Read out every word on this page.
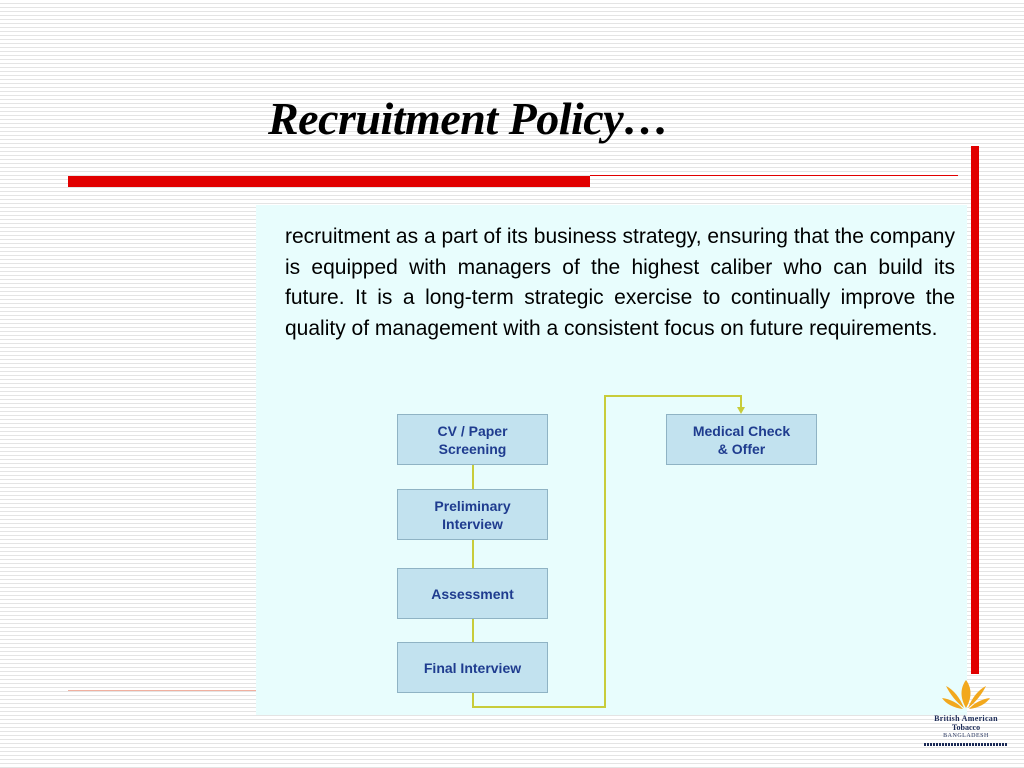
Recruitment Policy…
recruitment as a part of its business strategy, ensuring that the company is equipped with managers of the highest caliber who can build its future. It is a long-term strategic exercise to continually improve the quality of management with a consistent focus on future requirements.
CV / Paper
Screening
Preliminary
Interview
Assessment
Final Interview
Medical Check
& Offer
British American
Tobacco
BANGLADESH
